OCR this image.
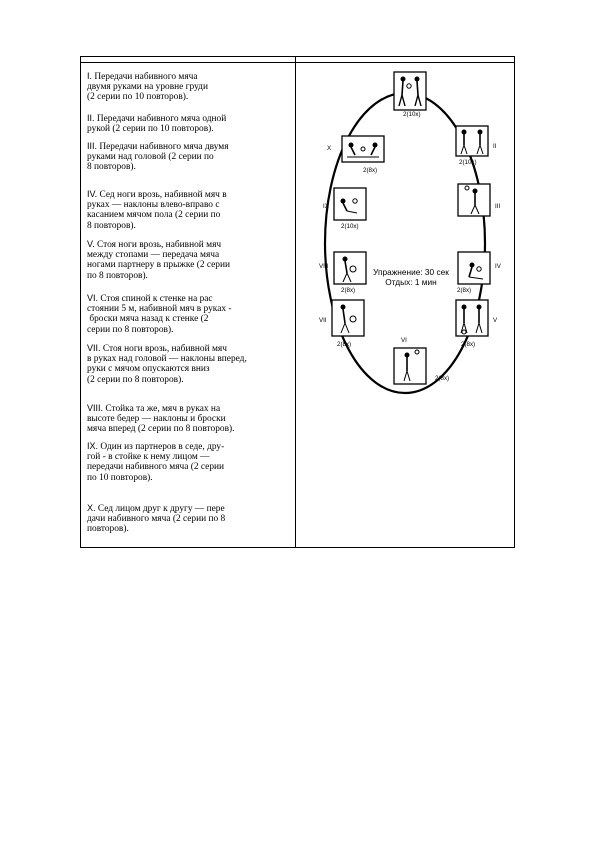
I. Передачи набивного мяча
двумя руками на уровне груди
(2 серии по 10 повторов).
II. Передачи набивного мяча одной
рукой (2 серии по 10 повторов).
III. Передачи набивного мяча двумя
руками над головой (2 серии по
8 повторов).
IV. Сед ноги врозь, набивной мяч в
руках — наклоны влево-вправо с
касанием мячом пола (2 серии по
8 повторов).
V. Стоя ноги врозь, набивной мяч
между стопами — передача мяча
ногами партнеру в прыжке (2 серии
по 8 повторов).
VI. Стоя спиной к стенке на рас
стоянии 5 м, набивной мяч в руках -
броски мяча назад к стенке (2
серии по 8 повторов).
VII. Стоя ноги врозь, набивной мяч
в руках над головой — наклоны вперед,
руки с мячом опускаются вниз
(2 серии по 8 повторов).
VIII. Стойка та же, мяч в руках на
высоте бедер — наклоны и броски
мяча вперед (2 серии по 8 повторов).
IX. Один из партнеров в седе, дру-
гой - в стойке к нему лицом —
передачи набивного мяча (2 серии
по 10 повторов).
X. Сед лицом друг к другу — пере
дачи набивного мяча (2 серии по 8
повторов).
2(10x)
II
2(10x)
III
IV
2(8x)
V
2(8x)
VI
2(8x)
VII
2(8x)
VIII
2(8x)
IX
2(10x)
X
2(8x)
Упражнение: 30 сек
Отдых: 1 мин
